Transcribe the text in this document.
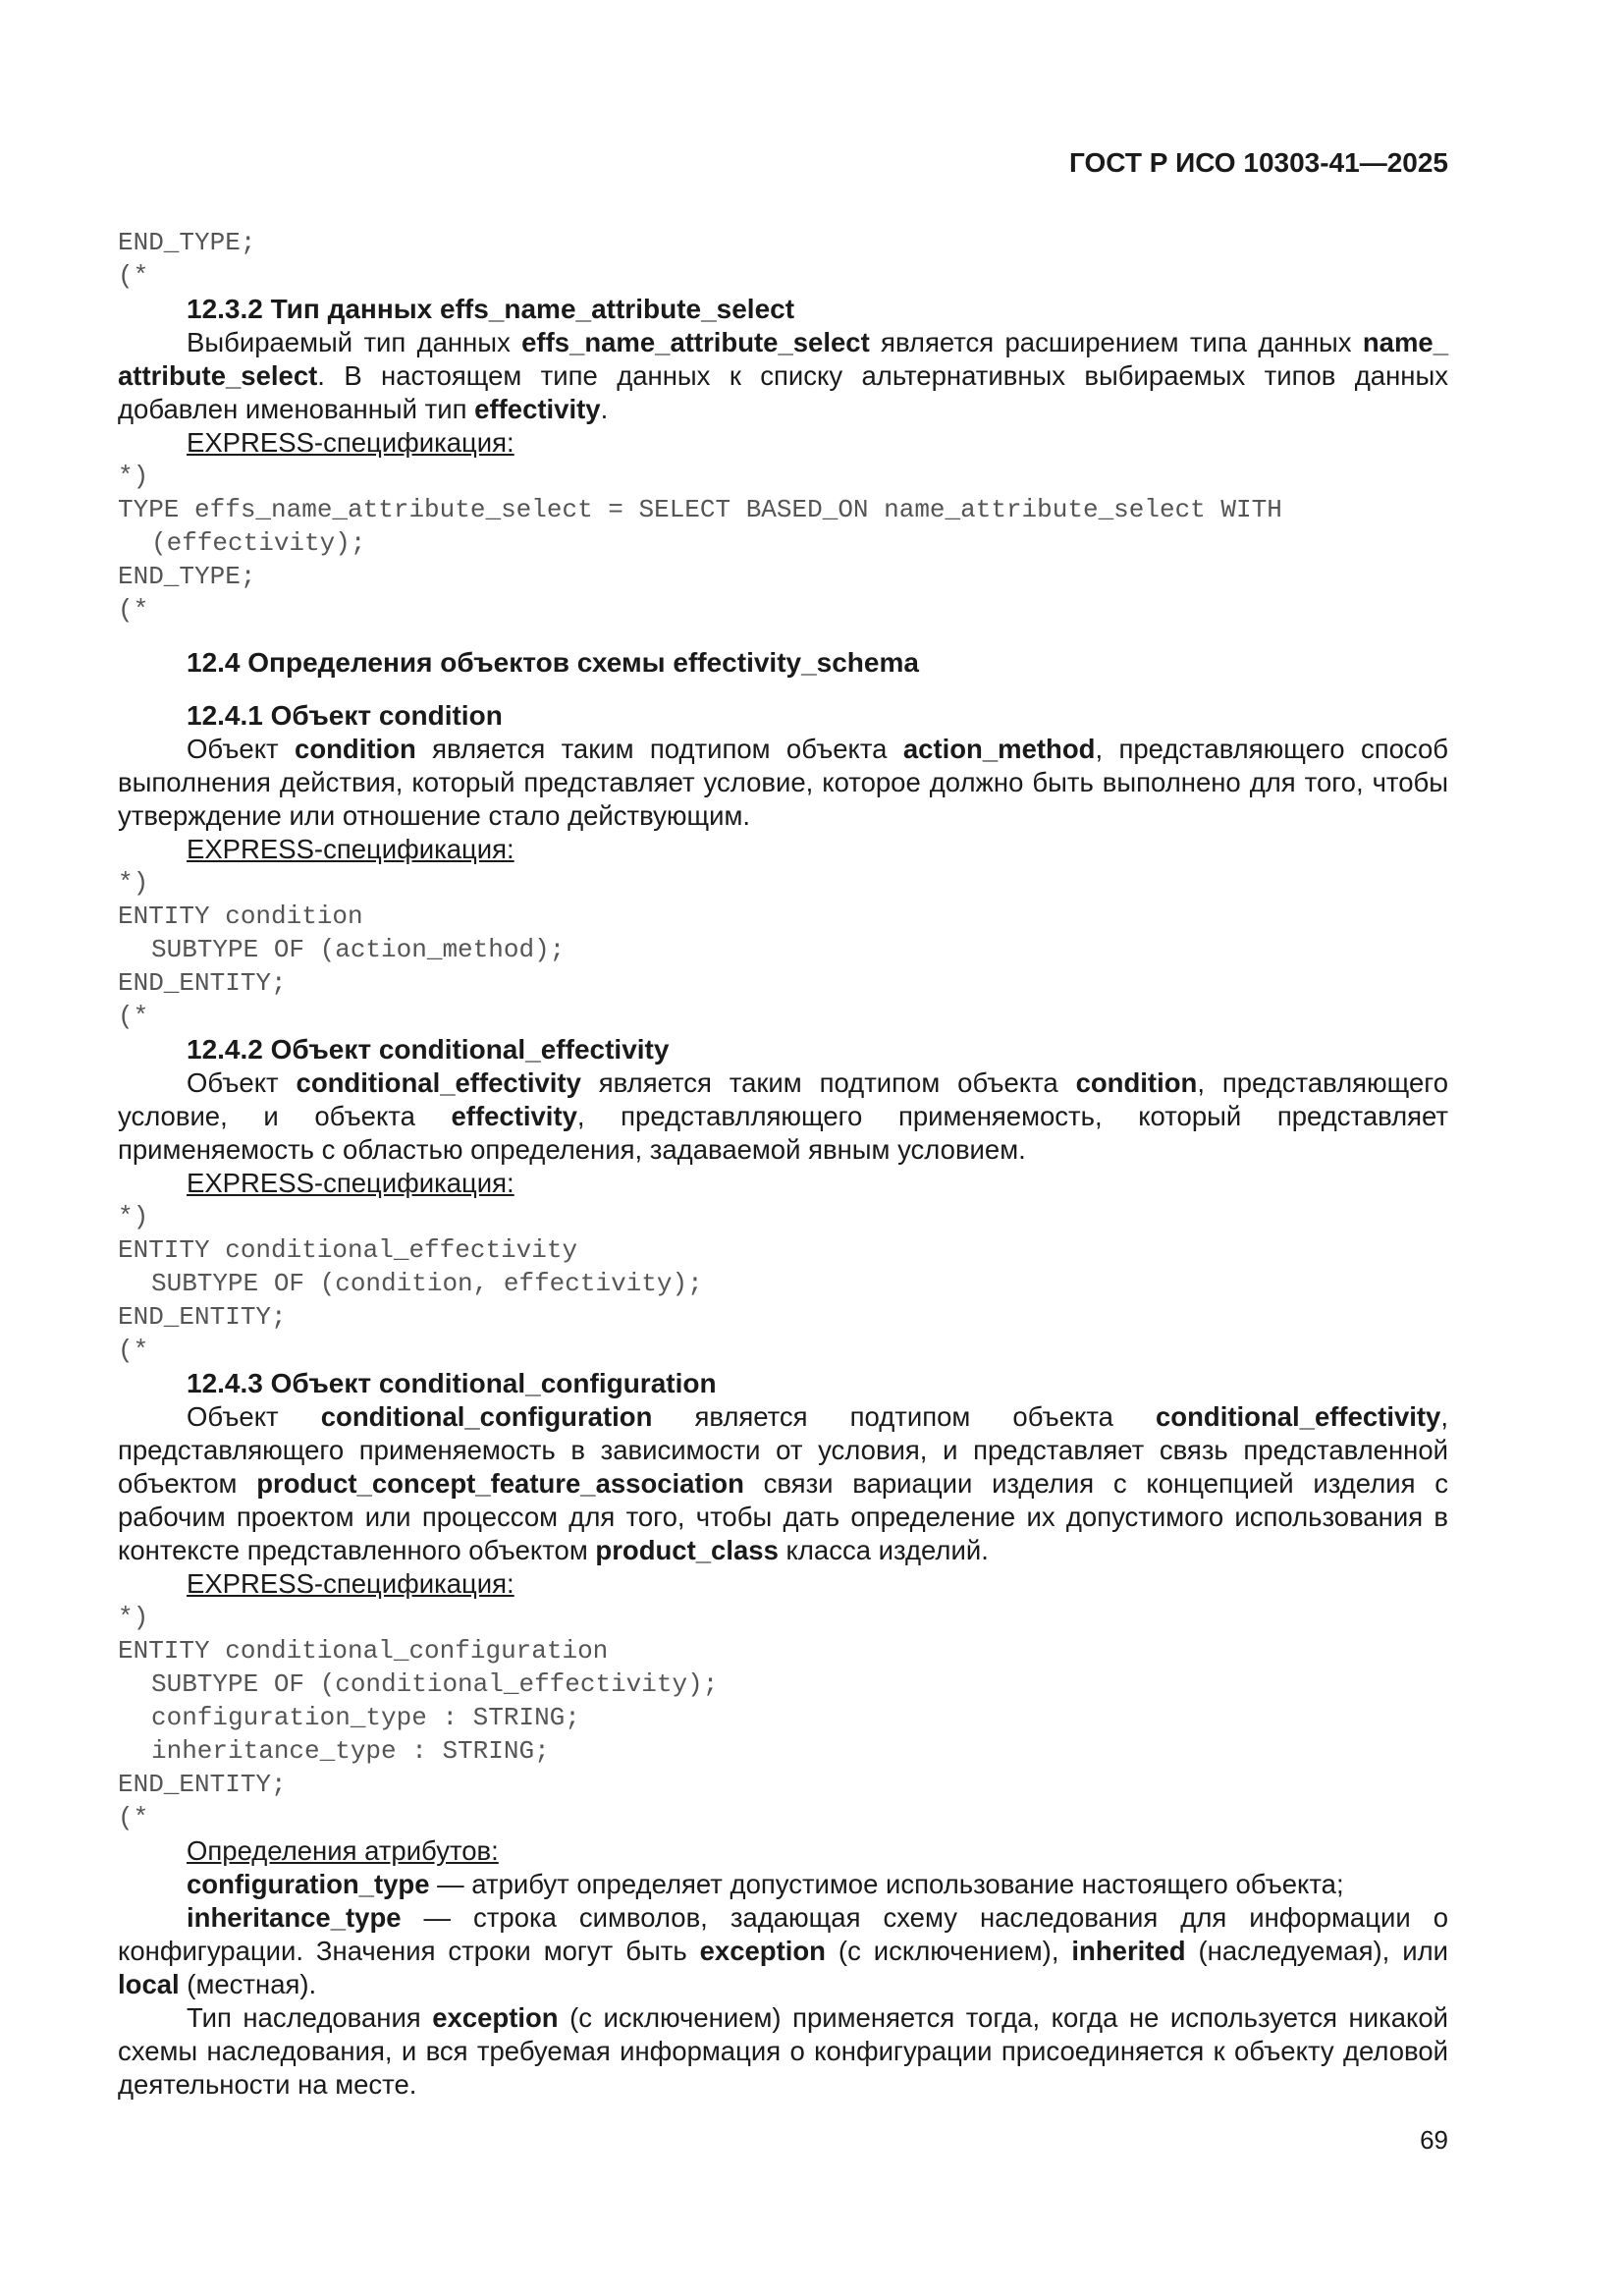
ГОСТ Р ИСО 10303-41—2025
END_TYPE;
(*

12.3.2 Тип данных effs_name_attribute_select

Выбираемый тип данных effs_name_attribute_select является расширением типа данных name_ attribute_select. В настоящем типе данных к списку альтернативных выбираемых типов данных добавлен именованный тип effectivity.

EXPRESS-спецификация:

*)
TYPE effs_name_attribute_select = SELECT BASED_ON name_attribute_select WITH
(effectivity);
END_TYPE;
(*

12.4 Определения объектов схемы effectivity_schema

12.4.1 Объект condition

Объект condition является таким подтипом объекта action_method, представляющего способ выполнения действия, который представляет условие, которое должно быть выполнено для того, чтобы утверждение или отношение стало действующим.

EXPRESS-спецификация:

*)
ENTITY condition
SUBTYPE OF (action_method);
END_ENTITY;
(*

12.4.2 Объект conditional_effectivity

Объект conditional_effectivity является таким подтипом объекта condition, представляющего условие, и объекта effectivity, представлляющего применяемость, который представляет применяемость с областью определения, задаваемой явным условием.

EXPRESS-спецификация:

*)
ENTITY conditional_effectivity
SUBTYPE OF (condition, effectivity);
END_ENTITY;
(*

12.4.3 Объект conditional_configuration

Объект conditional_configuration является подтипом объекта conditional_effectivity, представляющего применяемость в зависимости от условия, и представляет связь представленной объектом product_concept_feature_association связи вариации изделия с концепцией изделия с рабочим проектом или процессом для того, чтобы дать определение их допустимого использования в контексте представленного объектом product_class класса изделий.

EXPRESS-спецификация:

*)
ENTITY conditional_configuration
SUBTYPE OF (conditional_effectivity);
configuration_type : STRING;
inheritance_type : STRING;
END_ENTITY;
(*

Определения атрибутов:

configuration_type — атрибут определяет допустимое использование настоящего объекта;

inheritance_type — строка символов, задающая схему наследования для информации о конфигурации. Значения строки могут быть exception (с исключением), inherited (наследуемая), или local (местная).

Тип наследования exception (с исключением) применяется тогда, когда не используется никакой схемы наследования, и вся требуемая информация о конфигурации присоединяется к объекту деловой деятельности на месте.

69
